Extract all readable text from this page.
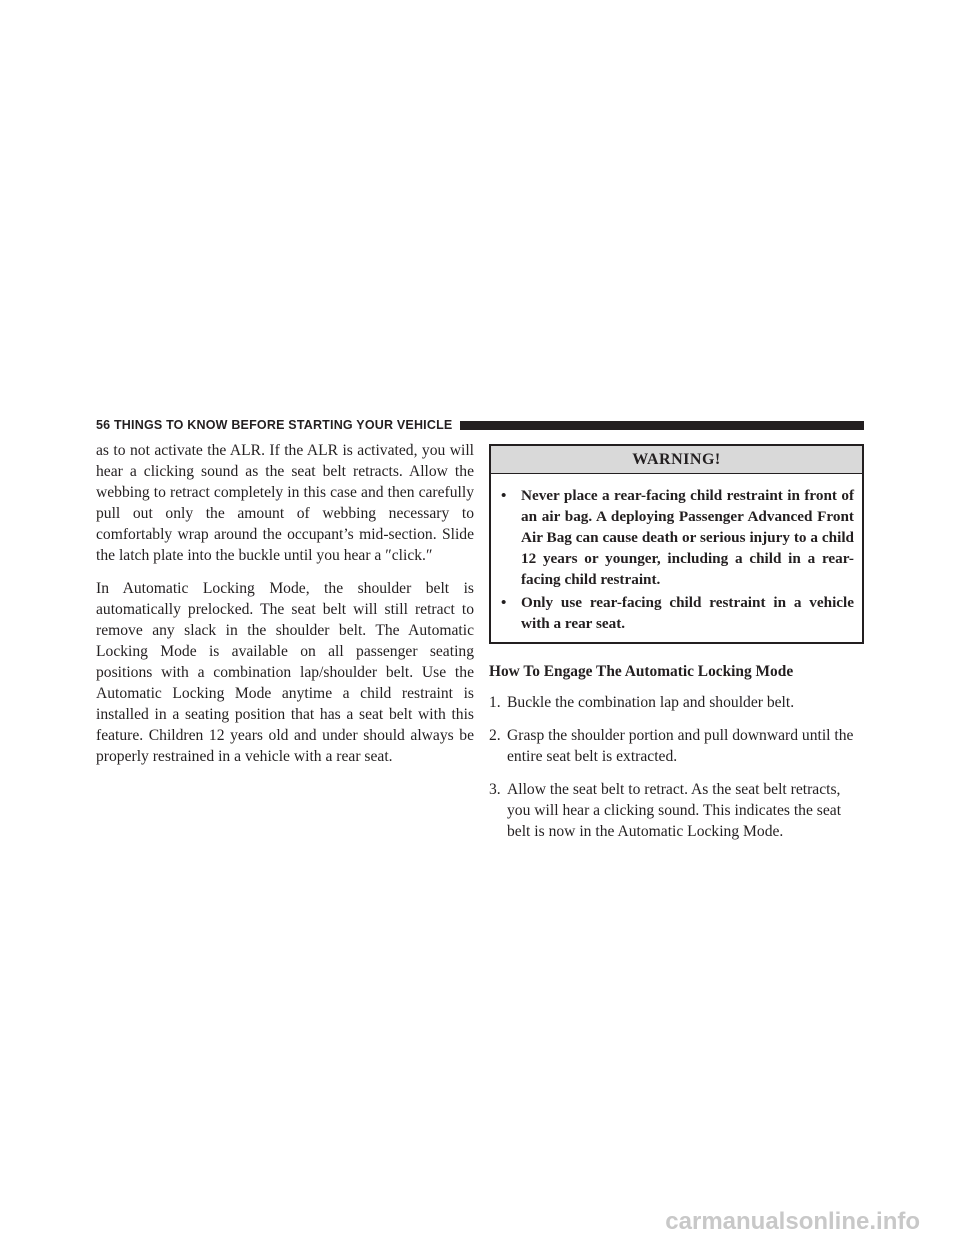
56 THINGS TO KNOW BEFORE STARTING YOUR VEHICLE

as to not activate the ALR. If the ALR is activated, you will hear a clicking sound as the seat belt retracts. Allow the webbing to retract completely in this case and then carefully pull out only the amount of webbing necessary to comfortably wrap around the occupant’s mid-section. Slide the latch plate into the buckle until you hear a ″click.″

In Automatic Locking Mode, the shoulder belt is automatically prelocked. The seat belt will still retract to remove any slack in the shoulder belt. The Automatic Locking Mode is available on all passenger seating positions with a combination lap/shoulder belt. Use the Automatic Locking Mode anytime a child restraint is installed in a seating position that has a seat belt with this feature. Children 12 years old and under should always be properly restrained in a vehicle with a rear seat.

WARNING!
• Never place a rear-facing child restraint in front of an air bag. A deploying Passenger Advanced Front Air Bag can cause death or serious injury to a child 12 years or younger, including a child in a rear-facing child restraint.
• Only use rear-facing child restraint in a vehicle with a rear seat.
How To Engage The Automatic Locking Mode
1. Buckle the combination lap and shoulder belt.
2. Grasp the shoulder portion and pull downward until the entire seat belt is extracted.
3. Allow the seat belt to retract. As the seat belt retracts, you will hear a clicking sound. This indicates the seat belt is now in the Automatic Locking Mode.
carmanualsonline.info
